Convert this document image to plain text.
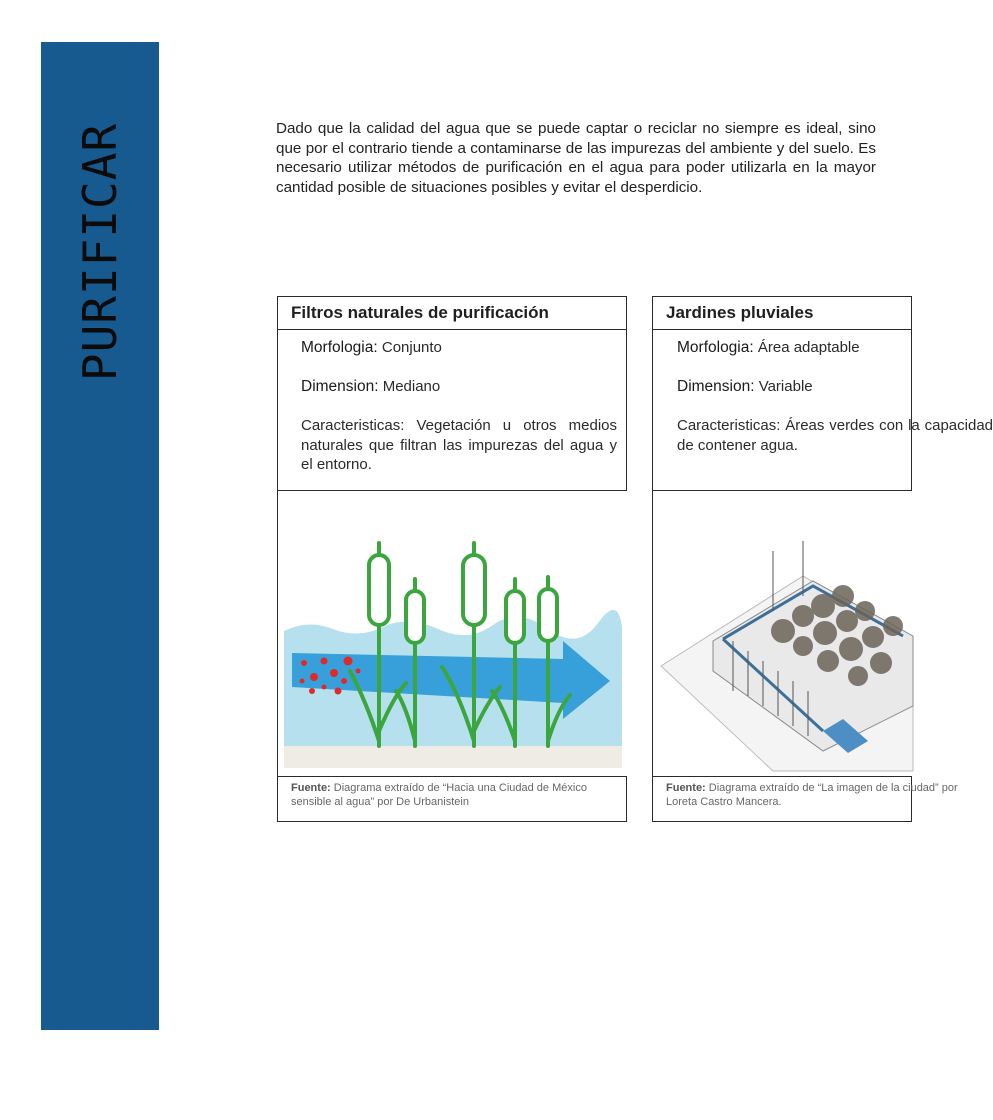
PURIFICAR	Dado que la calidad del agua que se puede captar o reciclar no siempre es ideal, sino que por el contrario tiende a contaminarse de las impurezas del ambiente y del suelo. Es necesario utilizar métodos de purificación en el agua para poder utilizarla en la mayor cantidad posible de situaciones posibles y evitar el desperdicio.

Filtros naturales de purificación

Morfologia: Conjunto

Dimension: Mediano

Caracteristicas: Vegetación u otros medios naturales que filtran las impurezas del agua y el entorno.

Fuente: Diagrama extraído de “Hacia una Ciudad de México sensible al agua” por De Urbanistein
Jardines pluviales

Morfologia: Área adaptable

Dimension: Variable

Caracteristicas: Áreas verdes con la capacidad de contener agua.

Fuente: Diagrama extraído de “La imagen de la ciudad” por Loreta Castro Mancera.
